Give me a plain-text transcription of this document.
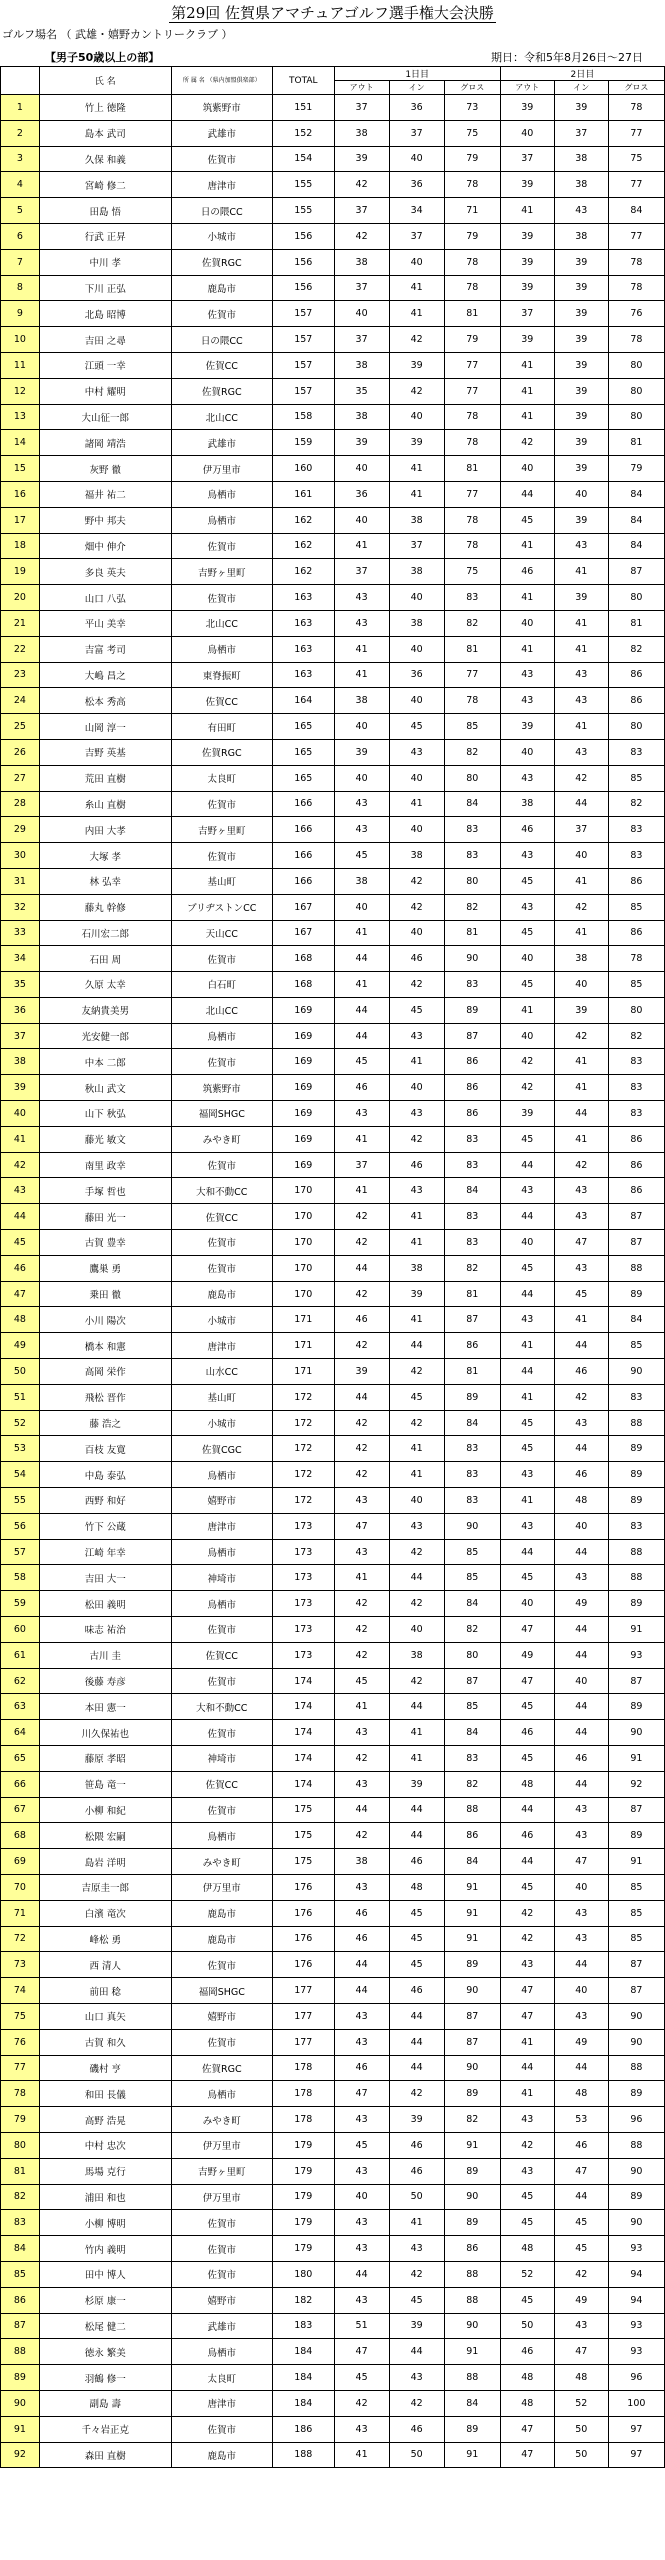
第29回 佐賀県アマチュアゴルフ選手権大会決勝
ゴルフ場名 （ 武雄・嬉野カントリークラブ ）
【男子50歳以上の部】	期日：令和5年8月26日～27日
	氏 名	所 属 名 （県内加盟倶楽部）	TOTAL	1日目			2日目		
				アウト	イン	グロス	アウト	イン	グロス
1	竹上 徳隆	筑紫野市	151	37	36	73	39	39	78
2	島本 武司	武雄市	152	38	37	75	40	37	77
3	久保 和義	佐賀市	154	39	40	79	37	38	75
4	宮崎 修二	唐津市	155	42	36	78	39	38	77
5	田島 悟	日の隈CC	155	37	34	71	41	43	84
6	行武 正昇	小城市	156	42	37	79	39	38	77
7	中川 孝	佐賀RGC	156	38	40	78	39	39	78
8	下川 正弘	鹿島市	156	37	41	78	39	39	78
9	北島 昭博	佐賀市	157	40	41	81	37	39	76
10	吉田 之尋	日の隈CC	157	37	42	79	39	39	78
11	江頭 一幸	佐賀CC	157	38	39	77	41	39	80
12	中村 耀明	佐賀RGC	157	35	42	77	41	39	80
13	大山征一郎	北山CC	158	38	40	78	41	39	80
14	諸岡 靖浩	武雄市	159	39	39	78	42	39	81
15	灰野 徹	伊万里市	160	40	41	81	40	39	79
16	福井 祐二	鳥栖市	161	36	41	77	44	40	84
17	野中 邦夫	鳥栖市	162	40	38	78	45	39	84
18	畑中 伸介	佐賀市	162	41	37	78	41	43	84
19	多良 英夫	吉野ヶ里町	162	37	38	75	46	41	87
20	山口 八弘	佐賀市	163	43	40	83	41	39	80
21	平山 美幸	北山CC	163	43	38	82	40	41	81
22	吉富 考司	鳥栖市	163	41	40	81	41	41	82
23	大嶋 昌之	東脊振町	163	41	36	77	43	43	86
24	松本 秀高	佐賀CC	164	38	40	78	43	43	86
25	山岡 淳一	有田町	165	40	45	85	39	41	80
26	吉野 英基	佐賀RGC	165	39	43	82	40	43	83
27	荒田 直樹	太良町	165	40	40	80	43	42	85
28	糸山 直樹	佐賀市	166	43	41	84	38	44	82
29	内田 大孝	吉野ヶ里町	166	43	40	83	46	37	83
30	大塚 孝	佐賀市	166	45	38	83	43	40	83
31	林 弘幸	基山町	166	38	42	80	45	41	86
32	藤丸 幹修	ブリヂストンCC	167	40	42	82	43	42	85
33	石川宏二郎	天山CC	167	41	40	81	45	41	86
34	石田 周	佐賀市	168	44	46	90	40	38	78
35	久原 太幸	白石町	168	41	42	83	45	40	85
36	友納貴美男	北山CC	169	44	45	89	41	39	80
37	光安健一郎	鳥栖市	169	44	43	87	40	42	82
38	中本 二郎	佐賀市	169	45	41	86	42	41	83
39	秋山 武文	筑紫野市	169	46	40	86	42	41	83
40	山下 秋弘	福岡SHGC	169	43	43	86	39	44	83
41	藤光 敏文	みやき町	169	41	42	83	45	41	86
42	南里 政幸	佐賀市	169	37	46	83	44	42	86
43	手塚 哲也	大和不動CC	170	41	43	84	43	43	86
44	藤田 光一	佐賀CC	170	42	41	83	44	43	87
45	古賀 豊幸	佐賀市	170	42	41	83	40	47	87
46	鷹巣 勇	佐賀市	170	44	38	82	45	43	88
47	乗田 徹	鹿島市	170	42	39	81	44	45	89
48	小川 陽次	小城市	171	46	41	87	43	41	84
49	橋本 和憲	唐津市	171	42	44	86	41	44	85
50	高岡 栄作	山水CC	171	39	42	81	44	46	90
51	飛松 晋作	基山町	172	44	45	89	41	42	83
52	藤 浩之	小城市	172	42	42	84	45	43	88
53	百枝 友寛	佐賀CGC	172	42	41	83	45	44	89
54	中島 泰弘	鳥栖市	172	42	41	83	43	46	89
55	西野 和好	嬉野市	172	43	40	83	41	48	89
56	竹下 公蔵	唐津市	173	47	43	90	43	40	83
57	江崎 年幸	鳥栖市	173	43	42	85	44	44	88
58	吉田 大一	神埼市	173	41	44	85	45	43	88
59	松田 義明	鳥栖市	173	42	42	84	40	49	89
60	味志 祐治	佐賀市	173	42	40	82	47	44	91
61	古川 圭	佐賀CC	173	42	38	80	49	44	93
62	後藤 寿彦	佐賀市	174	45	42	87	47	40	87
63	本田 憲一	大和不動CC	174	41	44	85	45	44	89
64	川久保祐也	佐賀市	174	43	41	84	46	44	90
65	藤原 孝昭	神埼市	174	42	41	83	45	46	91
66	笹島 竜一	佐賀CC	174	43	39	82	48	44	92
67	小柳 和紀	佐賀市	175	44	44	88	44	43	87
68	松隈 宏嗣	鳥栖市	175	42	44	86	46	43	89
69	島岩 洋明	みやき町	175	38	46	84	44	47	91
70	吉原圭一郎	伊万里市	176	43	48	91	45	40	85
71	白濱 竜次	鹿島市	176	46	45	91	42	43	85
72	峰松 勇	鹿島市	176	46	45	91	42	43	85
73	西 清人	佐賀市	176	44	45	89	43	44	87
74	前田 稔	福岡SHGC	177	44	46	90	47	40	87
75	山口 真矢	嬉野市	177	43	44	87	47	43	90
76	古賀 和久	佐賀市	177	43	44	87	41	49	90
77	磯村 亨	佐賀RGC	178	46	44	90	44	44	88
78	和田 長儀	鳥栖市	178	47	42	89	41	48	89
79	高野 浩晃	みやき町	178	43	39	82	43	53	96
80	中村 忠次	伊万里市	179	45	46	91	42	46	88
81	馬場 克行	吉野ヶ里町	179	43	46	89	43	47	90
82	浦田 和也	伊万里市	179	40	50	90	45	44	89
83	小柳 博明	佐賀市	179	43	41	89	45	45	90
84	竹内 義明	佐賀市	179	43	43	86	48	45	93
85	田中 博人	佐賀市	180	44	42	88	52	42	94
86	杉原 康一	嬉野市	182	43	45	88	45	49	94
87	松尾 健二	武雄市	183	51	39	90	50	43	93
88	徳永 繁美	鳥栖市	184	47	44	91	46	47	93
89	羽鶴 修一	太良町	184	45	43	88	48	48	96
90	副島 壽	唐津市	184	42	42	84	48	52	100
91	千々岩正克	佐賀市	186	43	46	89	47	50	97
92	森田 直樹	鹿島市	188	41	50	91	47	50	97
